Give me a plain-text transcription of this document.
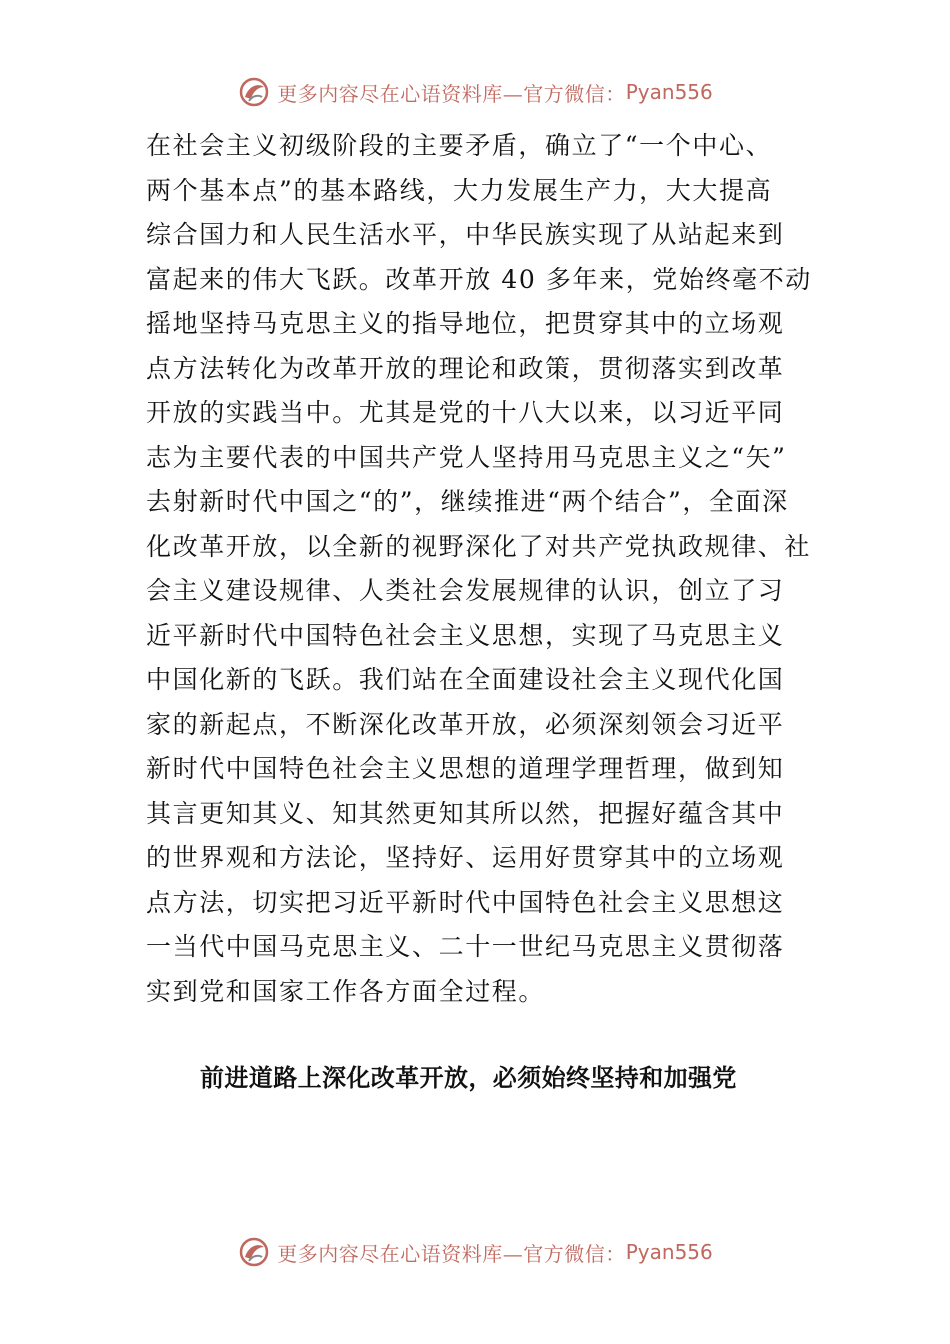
更多内容尽在心语资料库—官方微信： Pyan556
在社会主义初级阶段的主要矛盾，确立了“一个中心、
两个基本点”的基本路线，大力发展生产力，大大提高
综合国力和人民生活水平，中华民族实现了从站起来到
富起来的伟大飞跃。改革开放 40 多年来，党始终毫不动
摇地坚持马克思主义的指导地位，把贯穿其中的立场观
点方法转化为改革开放的理论和政策，贯彻落实到改革
开放的实践当中。尤其是党的十八大以来，以习近平同
志为主要代表的中国共产党人坚持用马克思主义之“矢”
去射新时代中国之“的”，继续推进“两个结合”，全面深
化改革开放，以全新的视野深化了对共产党执政规律、社
会主义建设规律、人类社会发展规律的认识，创立了习
近平新时代中国特色社会主义思想，实现了马克思主义
中国化新的飞跃。我们站在全面建设社会主义现代化国
家的新起点，不断深化改革开放，必须深刻领会习近平
新时代中国特色社会主义思想的道理学理哲理，做到知
其言更知其义、知其然更知其所以然，把握好蕴含其中
的世界观和方法论，坚持好、运用好贯穿其中的立场观
点方法，切实把习近平新时代中国特色社会主义思想这
一当代中国马克思主义、二十一世纪马克思主义贯彻落
实到党和国家工作各方面全过程。
前进道路上深化改革开放，必须始终坚持和加强党
更多内容尽在心语资料库—官方微信： Pyan556
